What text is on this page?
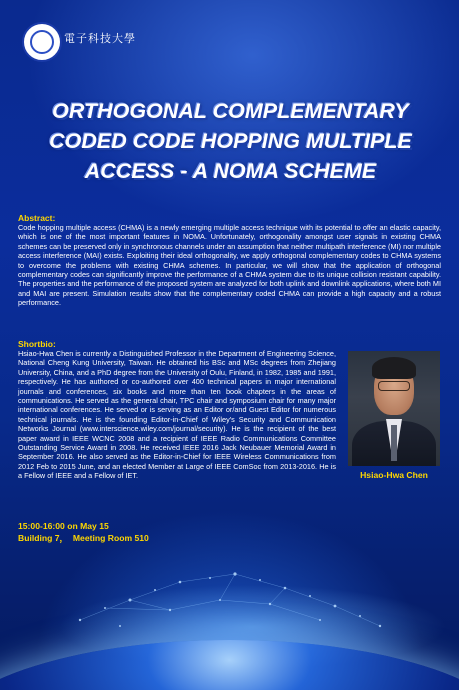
電子科技大學
ORTHOGONAL COMPLEMENTARY
CODED CODE HOPPING MULTIPLE
ACCESS - A NOMA SCHEME
Abstract:
Code hopping multiple access (CHMA) is a newly emerging multiple access technique with its potential to offer an elastic capacity, which is one of the most important features in NOMA. Unfortunately, orthogonality amongst user signals in existing CHMA schemes can be preserved only in synchronous channels under an assumption that neither multipath interference (MI) nor multiple access interference (MAI) exists. Exploiting their ideal orthogonality, we apply orthogonal complementary codes to CHMA systems to overcome the problems with existing CHMA schemes. In particular, we will show that the application of orthogonal complementary codes can significantly improve the performance of a CHMA system due to its unique collision resistant capability. The properties and the performance of the proposed system are analyzed for both uplink and downlink applications, where both MI and MAI are present. Simulation results show that the complementary coded CHMA can provide a high capacity and a robust performance.
Shortbio:
Hsiao-Hwa Chen is currently a Distinguished Professor in the Department of Engineering Science, National Cheng Kung University, Taiwan. He obtained his BSc and MSc degrees from Zhejiang University, China, and a PhD degree from the University of Oulu, Finland, in 1982, 1985 and 1991, respectively. He has authored or co-authored over 400 technical papers in major international journals and conferences, six books and more than ten book chapters in the areas of communications. He served as the general chair, TPC chair and symposium chair for many major international conferences. He served or is serving as an Editor or/and Guest Editor for numerous technical journals. He is the founding Editor-in-Chief of Wiley's Security and Communication Networks Journal (www.interscience.wiley.com/journal/security). He is the recipient of the best paper award in IEEE WCNC 2008 and a recipient of IEEE Radio Communications Committee Outstanding Service Award in 2008. He received IEEE 2016 Jack Neubauer Memorial Award in September 2016. He also served as the Editor-in-Chief for IEEE Wireless Communications from 2012 Feb to 2015 June, and an elected Member at Large of IEEE ComSoc from 2013-2016. He is a Fellow of IEEE and a Fellow of IET.	Hsiao-Hwa Chen
15:00-16:00 on May 15
Building 7，  Meeting Room 510
